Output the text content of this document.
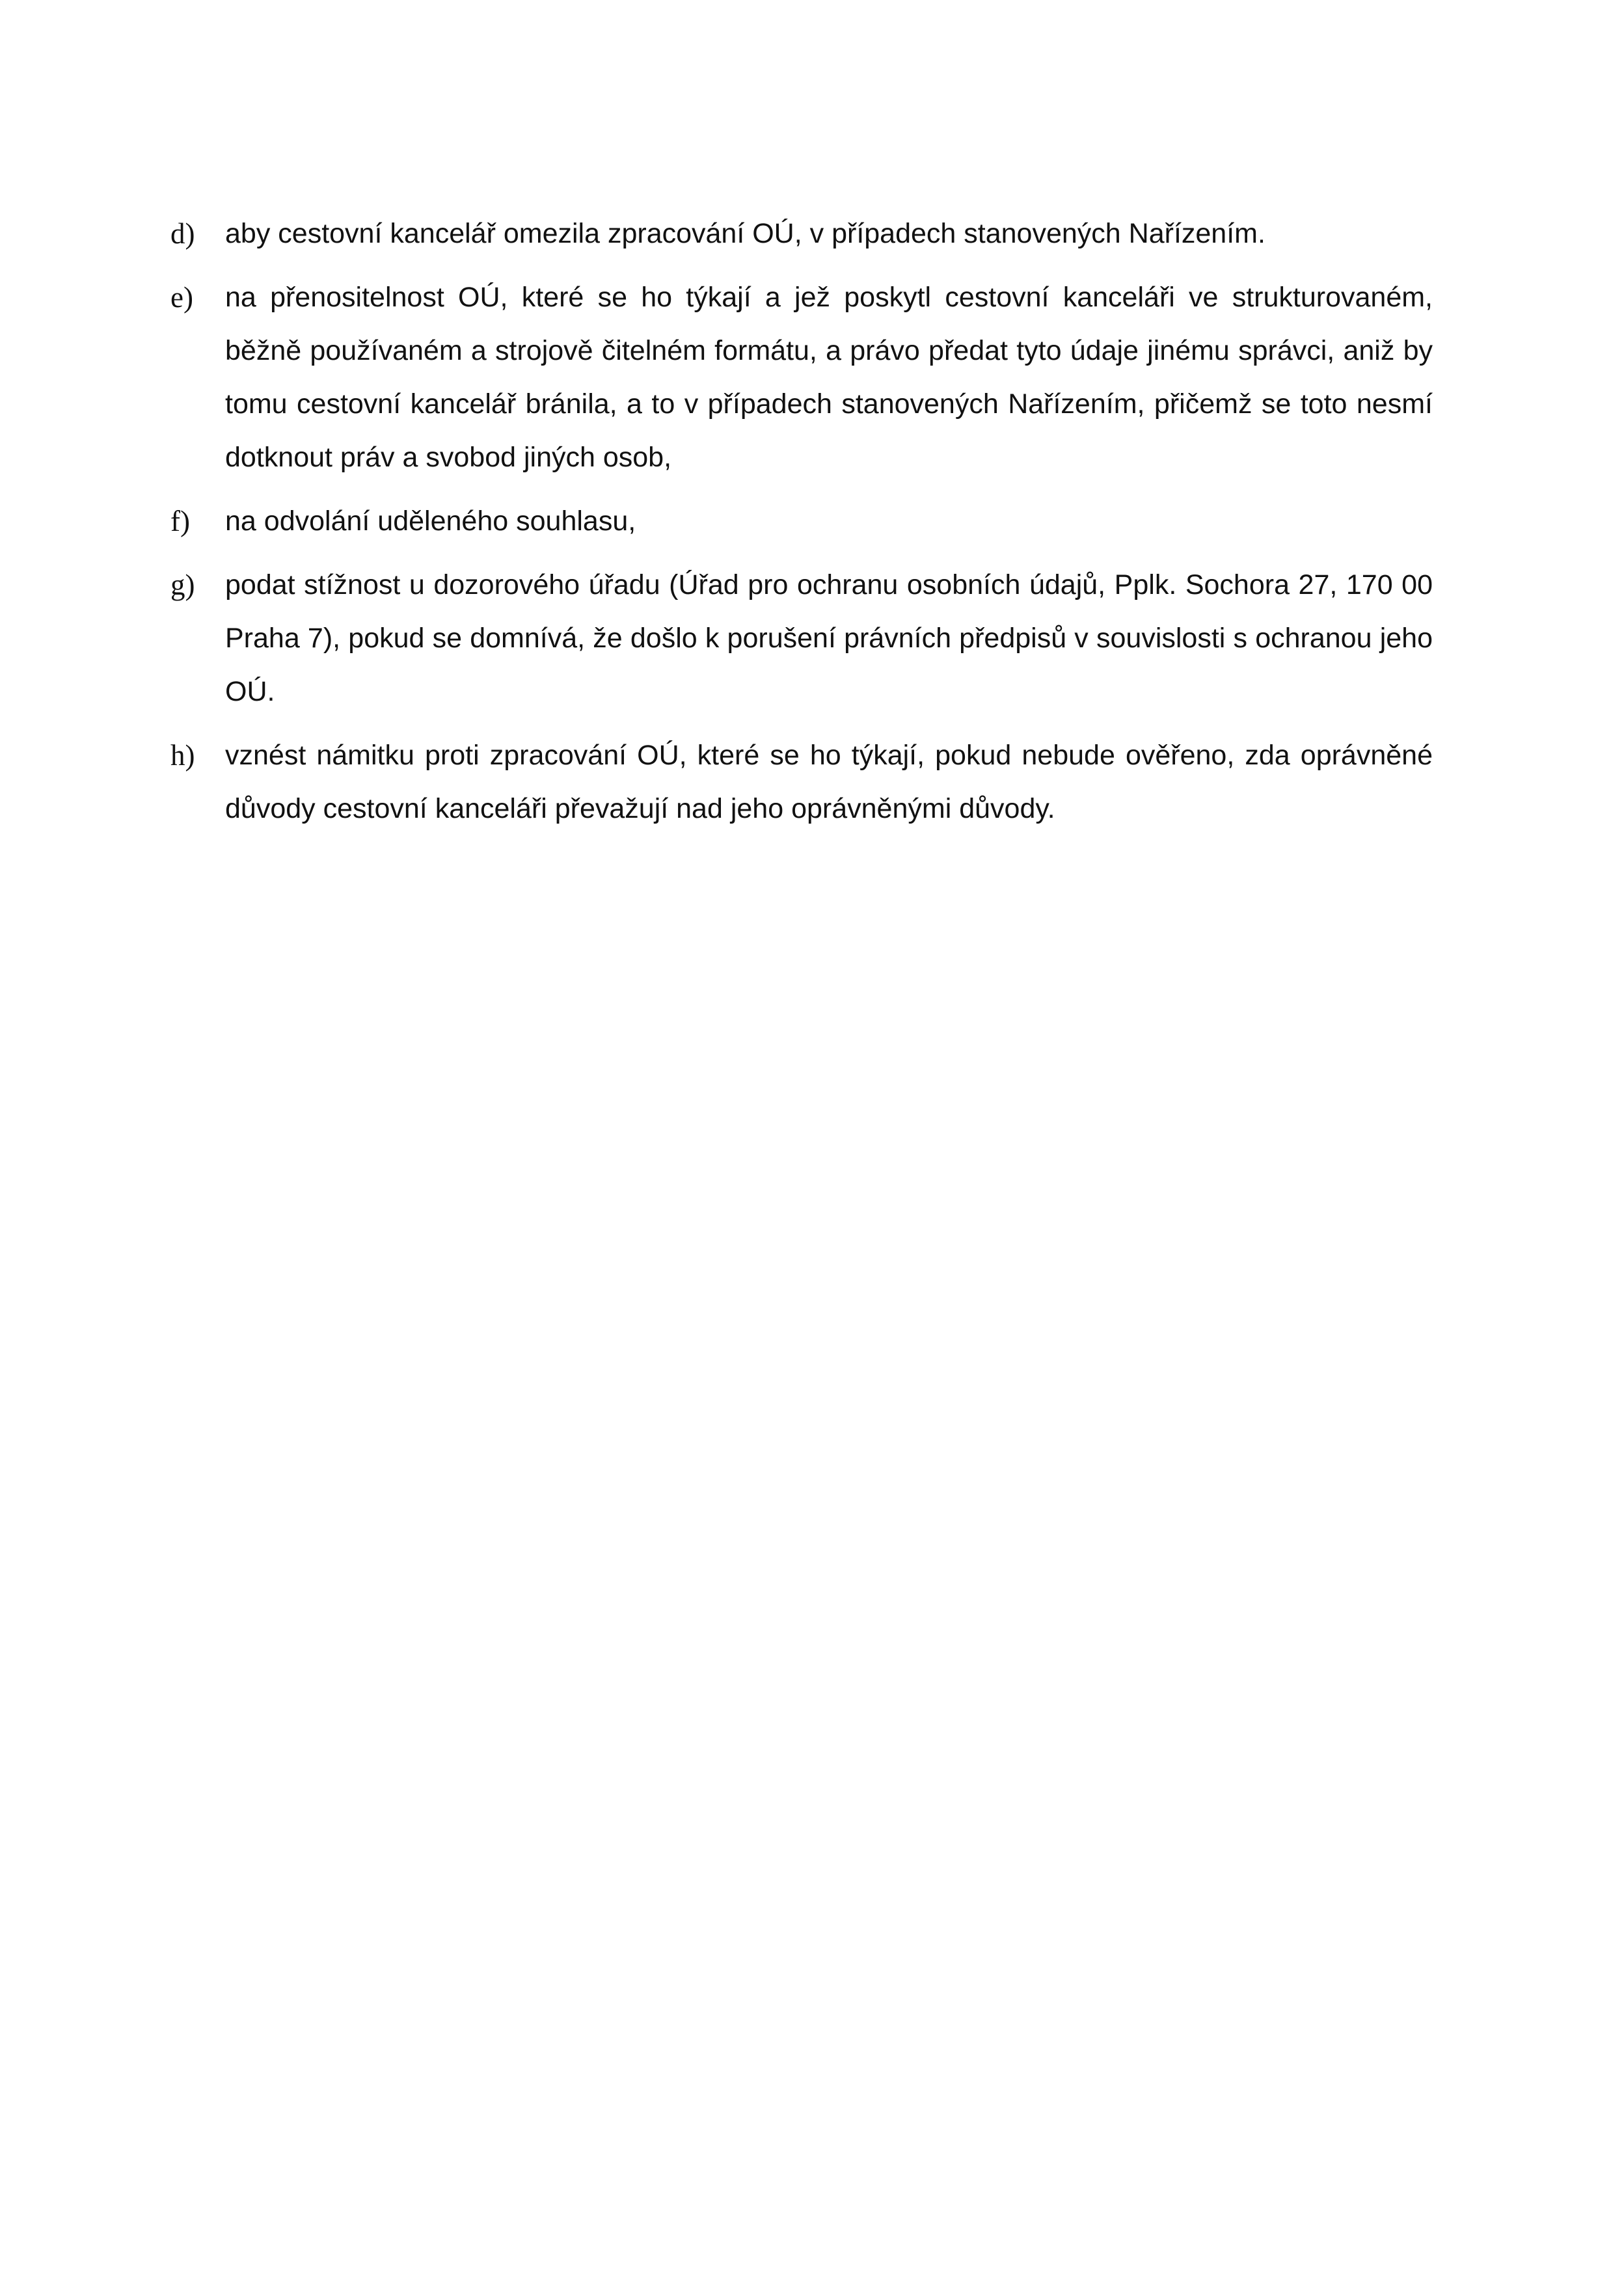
d) aby cestovní kancelář omezila zpracování OÚ, v případech stanovených Nařízením.
e) na přenositelnost OÚ, které se ho týkají a jež poskytl cestovní kanceláři ve strukturovaném, běžně používaném a strojově čitelném formátu, a právo předat tyto údaje jinému správci, aniž by tomu cestovní kancelář bránila, a to v případech stanovených Nařízením, přičemž se toto nesmí dotknout práv a svobod jiných osob,
f) na odvolání uděleného souhlasu,
g) podat stížnost u dozorového úřadu (Úřad pro ochranu osobních údajů, Pplk. Sochora 27, 170 00 Praha 7), pokud se domnívá, že došlo k porušení právních předpisů v souvislosti s ochranou jeho OÚ.
h) vznést námitku proti zpracování OÚ, které se ho týkají, pokud nebude ověřeno, zda oprávněné důvody cestovní kanceláři převažují nad jeho oprávněnými důvody.
